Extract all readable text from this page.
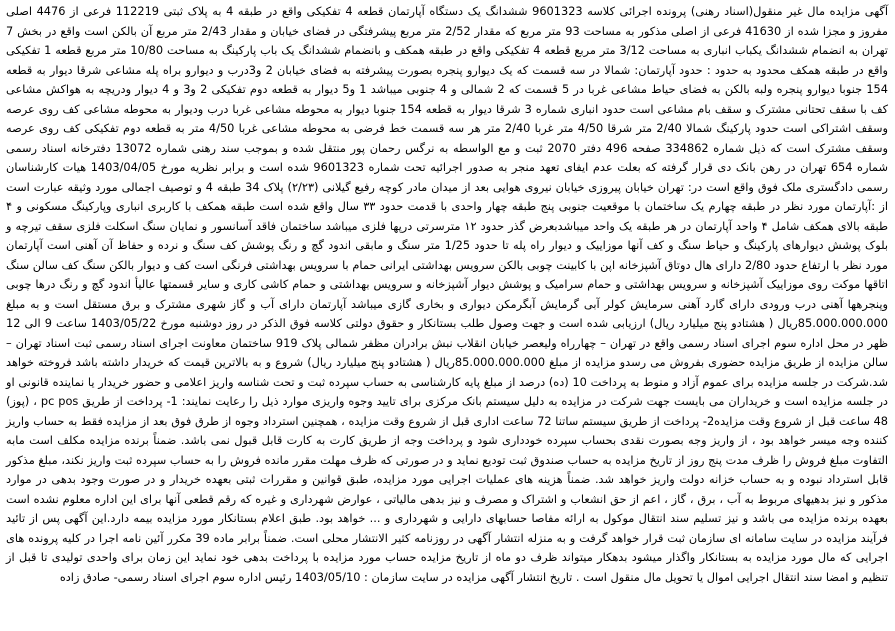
آگهی مزایده مال غیر منقول(اسناد رهنی) پرونده اجرائی کلاسه 9601323 ششدانگ یک دستگاه آپارتمان قطعه 4 تفکیکی واقع در طبقه 4 به پلاک ثبتی 112219 فرعی از 4476 اصلی مفروز و مجزا شده از 41630 فرعی از اصلی مذکور به مساحت 93 متر مربع که مقدار 2/52 متر مربع پیشرفتگی در فضای خیابان و مقدار 2/43 متر مربع آن بالکن است واقع در بخش 7 تهران به انضمام ششدانگ یکباب انباری به مساحت 3/12 متر مربع قطعه 4 تفکیکی واقع در طبقه همکف و بانضمام ششدانگ یک باب پارکینگ به مساحت 10/80 متر مربع قطعه 1 تفکیکی واقع در طبقه همکف محدود به حدود : حدود آپارتمان: شمالا در سه قسمت که یک دیوارو پنجره بصورت پیشرفته به فضای خیابان 2 و3درب و دیوارو براه پله مشاعی شرقا دیوار به قطعه 154 جنوبا دیوارو پنجره ولبه بالکن به فضای حیاط مشاعی غربا در 5 قسمت که 2 شمالی و 4 جنوبی میباشد 1 و5 دیوار به قطعه دوم تفکیکی 2 و3 و 4 دیوار ودریچه به هواکش مشاعی کف با سقف تحتانی مشترک و سقف بام مشاعی است حدود انباری شماره 3 شرقا دیوار به قطعه 154 جنوبا دیوار به محوطه مشاعی غربا درب ودیوار به محوطه مشاعی کف روی عرصه وسقف اشتراکی است حدود پارکینگ شمالا 2/40 متر شرقا 4/50 متر غربا 2/40 متر هر سه قسمت خط فرضی به محوطه مشاعی غربا 4/50 متر به قطعه دوم تفکیکی کف روی عرصه وسقف مشترک است که ذیل شماره 334862 صفحه 496 دفتر 2070 ثبت و مع الواسطه به نرگس رحمان پور منتقل شده و بموجب سند رهنی شماره 13072 دفترخانه اسناد رسمی شماره 654 تهران در رهن بانک دی قرار گرفته که بعلت عدم ایفای تعهد منجر به صدور اجرائیه تحت شماره 9601323 شده است و برابر نظریه مورخ 1403/04/05 هیات کارشناسان رسمی دادگستری ملک فوق واقع است در: تهران خیابان پیروزی خیابان نیروی هوایی بعد از میدان مادر کوچه رفیع گیلانی (۲/۲۳) پلاک 34 طبقه 4 و توصیف اجمالی مورد وثیقه عبارت است از :آپارتمان مورد نظر در طبقه چهارم یک ساختمان با موقعیت جنوبی پنج طبقه چهار واحدی با قدمت حدود ۳۳ سال واقع شده است طبقه همکف با کاربری انباری وپارکینگ مسکونی و ۴ طبقه بالای همکف شامل ۴ واحد آپارتمان در هر طبقه یک واحد میباشدبعرض گذر حدود ۱۲ مترسرتی درپها فلزی میباشد ساختمان فاقد آسانسور و نمایان سنگ اسکلت فلزی سقف تیرچه و بلوک پوشش دیوارهای پارکینگ و حیاط سنگ و کف آنها موزاییک و دیوار راه پله تا حدود 1/25 متر سنگ و مابقی اندود گچ و رنگ پوشش کف سنگ و نرده و حفاظ آن آهنی است آپارتمان مورد نظر با ارتفاع حدود 2/80 دارای هال دوتاق آشپزخانه اپن با کابینت چوبی بالکن سرویس بهداشتی ایرانی حمام با سرویس بهداشتی فرنگی است کف و دیوار بالکن سنگ کف سالن سنگ اتاقها موکت روی موزاییک آشپزخانه و سرویس بهداشتی و حمام سرامیک و پوشش دیوار آشپزخانه و سرویس بهداشتی و حمام کاشی کاری و سایر قسمتها عالیأ اندود گچ و رنگ درها چوبی وپنجرهها آهنی درب ورودی دارای گارد آهنی سرمایش کولر آبی گرمایش آبگرمکن دیواری و بخاری گازی میباشد آپارتمان دارای آب و گاز شهری مشترک و برق مستقل است و به مبلغ 85.000.000.000ریال ( هشتادو پنج میلیارد ریال) ارزیابی شده است و جهت وصول طلب بستانکار و حقوق دولتی کلاسه فوق الذکر در روز دوشنبه مورخ 1403/05/22 ساعت 9 الی 12 ظهر در محل اداره سوم اجرای اسناد رسمی واقع در تهران – چهارراه ولیعصر خیابان انقلاب نبش برادران مظفر شمالی پلاک 919 ساختمان معاونت اجرای اسناد رسمی ثبت اسناد تهران – سالن مزایده از طریق مزایده حضوری بفروش می رسدو مزایده از مبلغ 85.000.000.000ریال ( هشتادو پنج میلیارد ریال) شروع و به بالاترین قیمت که خریدار داشته باشد فروخته خواهد شد.شرکت در جلسه مزایده برای عموم آزاد و منوط به پرداخت 10 (ده) درصد از مبلغ پایه کارشناسی به حساب سپرده ثبت و تحت شناسه واریز اعلامی و حضور خریدار یا نماینده قانونی او در جلسه مزایده است و خریداران می بایست جهت شرکت در مزایده به دلیل سیستم بانک مرکزی برای تایید وجوه واریزی موارد ذیل را رعایت نمایند: 1- پرداخت از طریق pc pos ، (پوز) 48 ساعت قبل از شروع وقت مزایده2- پرداخت از طریق سیستم ساتنا 72 ساعت اداری قبل از شروع وقت مزایده ، همچنین استرداد وجوه از طرق فوق بعد از مزایده فقط به حساب واریز کننده وجه میسر خواهد بود ، از واریز وجه بصورت نقدی بحساب سپرده خودداری شود و پرداخت وجه از طریق کارت به کارت قابل قبول نمی باشد. ضمناً برنده مزایده مکلف است مابه التفاوت مبلغ فروش را ظرف مدت پنج روز از تاریخ مزایده به حساب صندوق ثبت تودیع نماید و در صورتی که ظرف مهلت مقرر مانده فروش را به حساب سپرده ثبت واریز نکند، مبلغ مذکور قابل استرداد نبوده و به حساب خزانه دولت واریز خواهد شد. ضمناً هزینه های عملیات اجرایی مورد مزایده، طبق قوانین و مقررات ثبتی بعهده خریدار و در صورت وجود بدهی در موارد مذکور و نیز بدهیهای مربوط به آب ، برق ، گاز ، اعم از حق انشعاب و اشتراک و مصرف و نیز بدهی مالیاتی ، عوارض شهرداری و غیره که رقم قطعی آنها برای این اداره معلوم نشده است بعهده برنده مزایده می باشد و نیز تسلیم سند انتقال موکول به ارائه مفاصا حسابهای دارایی و شهرداری و ... خواهد بود. طبق اعلام بستانکار مورد مزایده بیمه دارد.این آگهی پس از تائید فرآیند مزایده در سایت سامانه ای سازمان ثبت قرار خواهد گرفت و به منزله انتشار آگهی در روزنامه کثیر الانتشار محلی است. ضمناً برابر ماده 39 مکرر آئین نامه اجرا در کلیه پرونده های اجرایی که مال مورد مزایده به بستانکار واگذار میشود بدهکار میتواند ظرف دو ماه از تاریخ مزایده حساب مورد مزایده با پرداخت بدهی خود نماید این زمان برای واحدی تولیدی تا قبل از تنظیم و امضا سند انتقال اجرایی اموال یا تحویل مال منقول است . تاریخ انتشار آگهی مزایده در سایت سازمان : 1403/05/10 رئیس اداره سوم اجرای اسناد رسمی- صادق زاده
